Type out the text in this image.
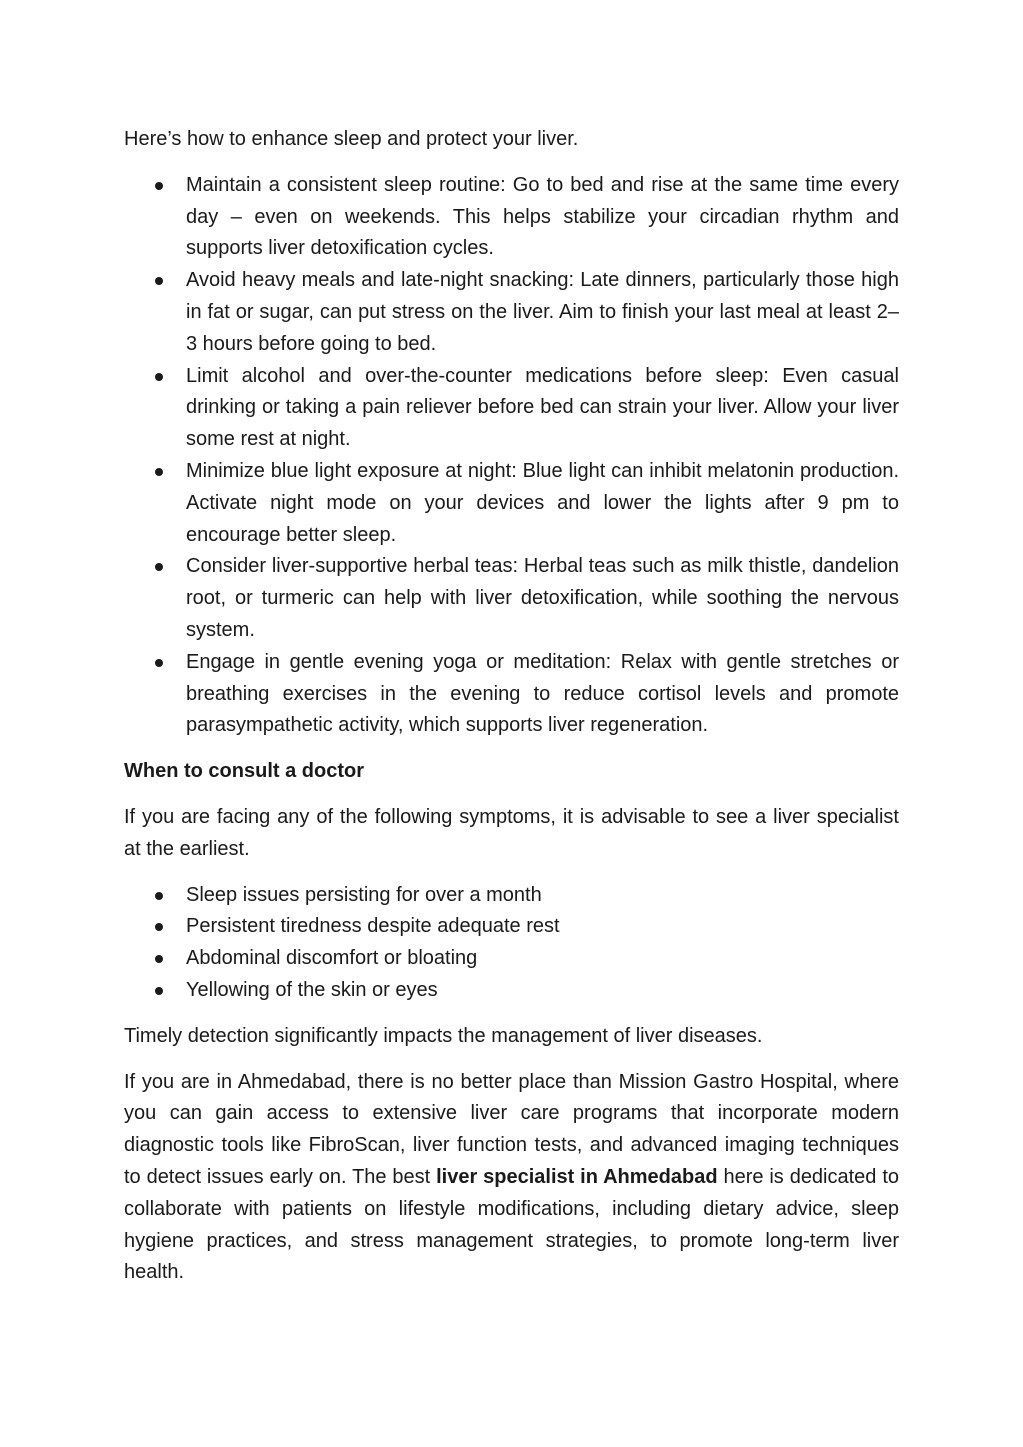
Here’s how to enhance sleep and protect your liver.

Maintain a consistent sleep routine: Go to bed and rise at the same time every day – even on weekends. This helps stabilize your circadian rhythm and supports liver detoxification cycles.
Avoid heavy meals and late-night snacking: Late dinners, particularly those high in fat or sugar, can put stress on the liver. Aim to finish your last meal at least 2–3 hours before going to bed.
Limit alcohol and over-the-counter medications before sleep: Even casual drinking or taking a pain reliever before bed can strain your liver. Allow your liver some rest at night.
Minimize blue light exposure at night: Blue light can inhibit melatonin production. Activate night mode on your devices and lower the lights after 9 pm to encourage better sleep.
Consider liver-supportive herbal teas: Herbal teas such as milk thistle, dandelion root, or turmeric can help with liver detoxification, while soothing the nervous system.
Engage in gentle evening yoga or meditation: Relax with gentle stretches or breathing exercises in the evening to reduce cortisol levels and promote parasympathetic activity, which supports liver regeneration.

When to consult a doctor

If you are facing any of the following symptoms, it is advisable to see a liver specialist at the earliest.

Sleep issues persisting for over a month
Persistent tiredness despite adequate rest
Abdominal discomfort or bloating
Yellowing of the skin or eyes

Timely detection significantly impacts the management of liver diseases.

If you are in Ahmedabad, there is no better place than Mission Gastro Hospital, where you can gain access to extensive liver care programs that incorporate modern diagnostic tools like FibroScan, liver function tests, and advanced imaging techniques to detect issues early on. The best liver specialist in Ahmedabad here is dedicated to collaborate with patients on lifestyle modifications, including dietary advice, sleep hygiene practices, and stress management strategies, to promote long-term liver health.
